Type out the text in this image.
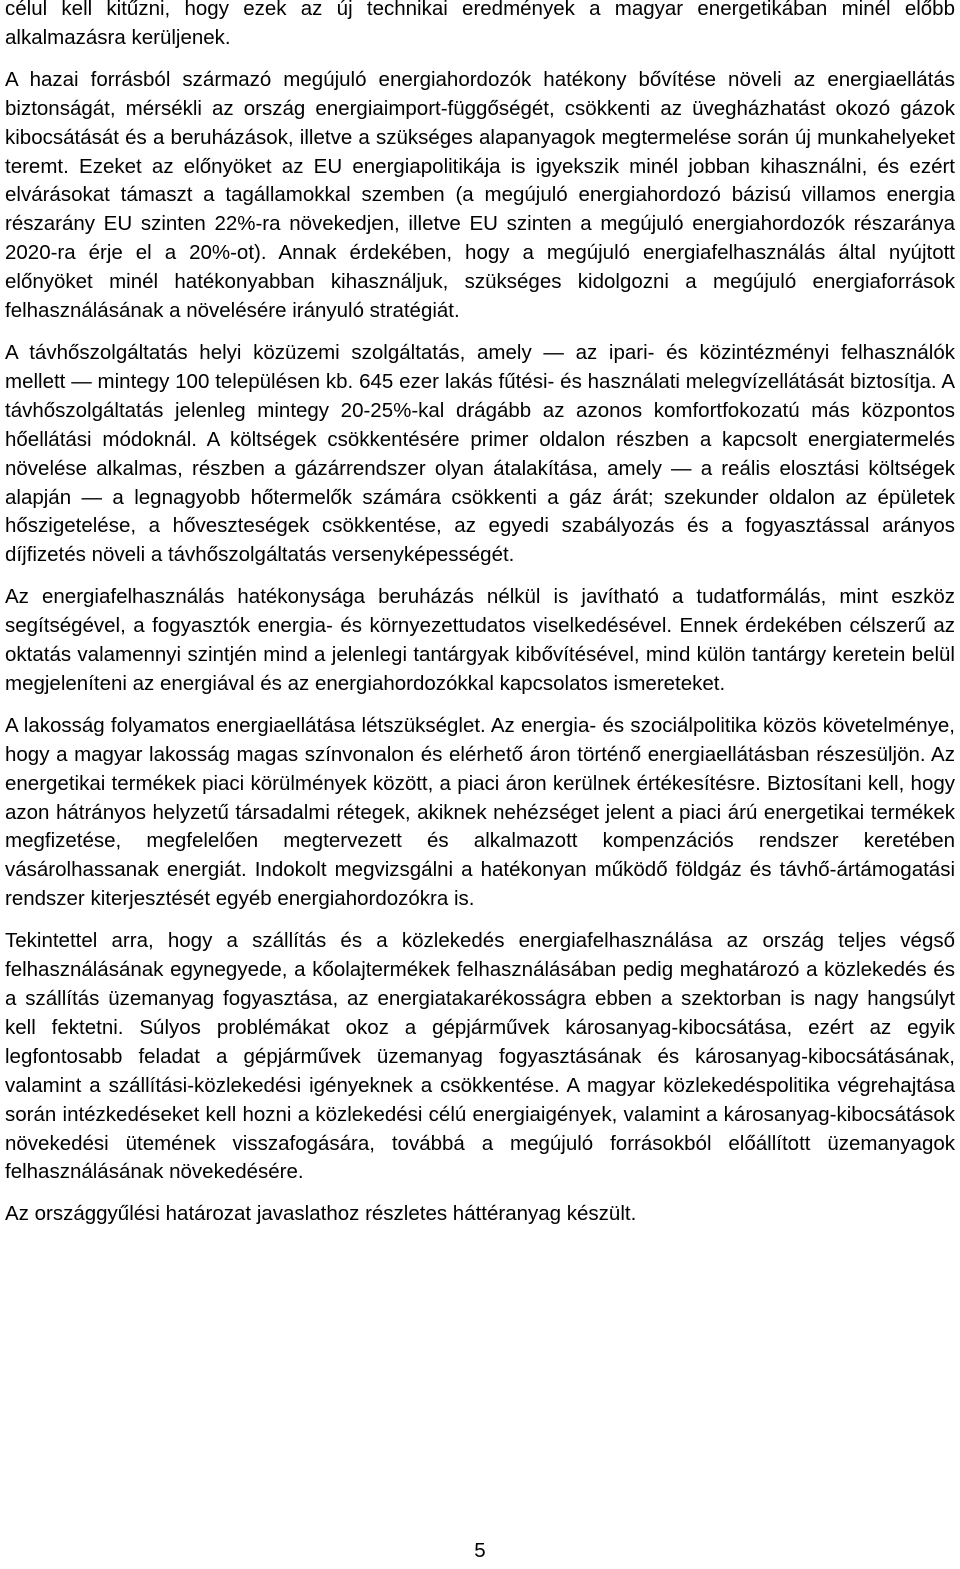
célul kell kitűzni, hogy ezek az új technikai eredmények a magyar energetikában minél előbb alkalmazásra kerüljenek.

A hazai forrásból származó megújuló energiahordozók hatékony bővítése növeli az energiaellátás biztonságát, mérsékli az ország energiaimport-függőségét, csökkenti az üvegházhatást okozó gázok kibocsátását és a beruházások, illetve a szükséges alapanyagok megtermelése során új munkahelyeket teremt. Ezeket az előnyöket az EU energiapolitikája is igyekszik minél jobban kihasználni, és ezért elvárásokat támaszt a tagállamokkal szemben (a megújuló energiahordozó bázisú villamos energia részarány EU szinten 22%-ra növekedjen, illetve EU szinten a megújuló energiahordozók részaránya 2020-ra érje el a 20%-ot). Annak érdekében, hogy a megújuló energiafelhasználás által nyújtott előnyöket minél hatékonyabban kihasználjuk, szükséges kidolgozni a megújuló energiaforrások felhasználásának a növelésére irányuló stratégiát.

A távhőszolgáltatás helyi közüzemi szolgáltatás, amely — az ipari- és közintézményi felhasználók mellett — mintegy 100 településen kb. 645 ezer lakás fűtési- és használati melegvízellátását biztosítja. A távhőszolgáltatás jelenleg mintegy 20-25%-kal drágább az azonos komfortfokozatú más központos hőellátási módoknál. A költségek csökkentésére primer oldalon részben a kapcsolt energiatermelés növelése alkalmas, részben a gázárrendszer olyan átalakítása, amely — a reális elosztási költségek alapján — a legnagyobb hőtermelők számára csökkenti a gáz árát; szekunder oldalon az épületek hőszigetelése, a hőveszteségek csökkentése, az egyedi szabályozás és a fogyasztással arányos díjfizetés növeli a távhőszolgáltatás versenyképességét.

Az energiafelhasználás hatékonysága beruházás nélkül is javítható a tudatformálás, mint eszköz segítségével, a fogyasztók energia- és környezettudatos viselkedésével. Ennek érdekében célszerű az oktatás valamennyi szintjén mind a jelenlegi tantárgyak kibővítésével, mind külön tantárgy keretein belül megjeleníteni az energiával és az energiahordozókkal kapcsolatos ismereteket.

A lakosság folyamatos energiaellátása létszükséglet. Az energia- és szociálpolitika közös követelménye, hogy a magyar lakosság magas színvonalon és elérhető áron történő energiaellátásban részesüljön. Az energetikai termékek piaci körülmények között, a piaci áron kerülnek értékesítésre. Biztosítani kell, hogy azon hátrányos helyzetű társadalmi rétegek, akiknek nehézséget jelent a piaci árú energetikai termékek megfizetése, megfelelően megtervezett és alkalmazott kompenzációs rendszer keretében vásárolhassanak energiát. Indokolt megvizsgálni a hatékonyan működő földgáz és távhő-ártámogatási rendszer kiterjesztését egyéb energiahordozókra is.

Tekintettel arra, hogy a szállítás és a közlekedés energiafelhasználása az ország teljes végső felhasználásának egynegyede, a kőolajtermékek felhasználásában pedig meghatározó a közlekedés és a szállítás üzemanyag fogyasztása, az energiatakarékosságra ebben a szektorban is nagy hangsúlyt kell fektetni. Súlyos problémákat okoz a gépjárművek károsanyag-kibocsátása, ezért az egyik legfontosabb feladat a gépjárművek üzemanyag fogyasztásának és károsanyag-kibocsátásának, valamint a szállítási-közlekedési igényeknek a csökkentése. A magyar közlekedéspolitika végrehajtása során intézkedéseket kell hozni a közlekedési célú energiaigények, valamint a károsanyag-kibocsátások növekedési ütemének visszafogására, továbbá a megújuló forrásokból előállított üzemanyagok felhasználásának növekedésére.

Az országgyűlési határozat javaslathoz részletes háttéranyag készült.

5
